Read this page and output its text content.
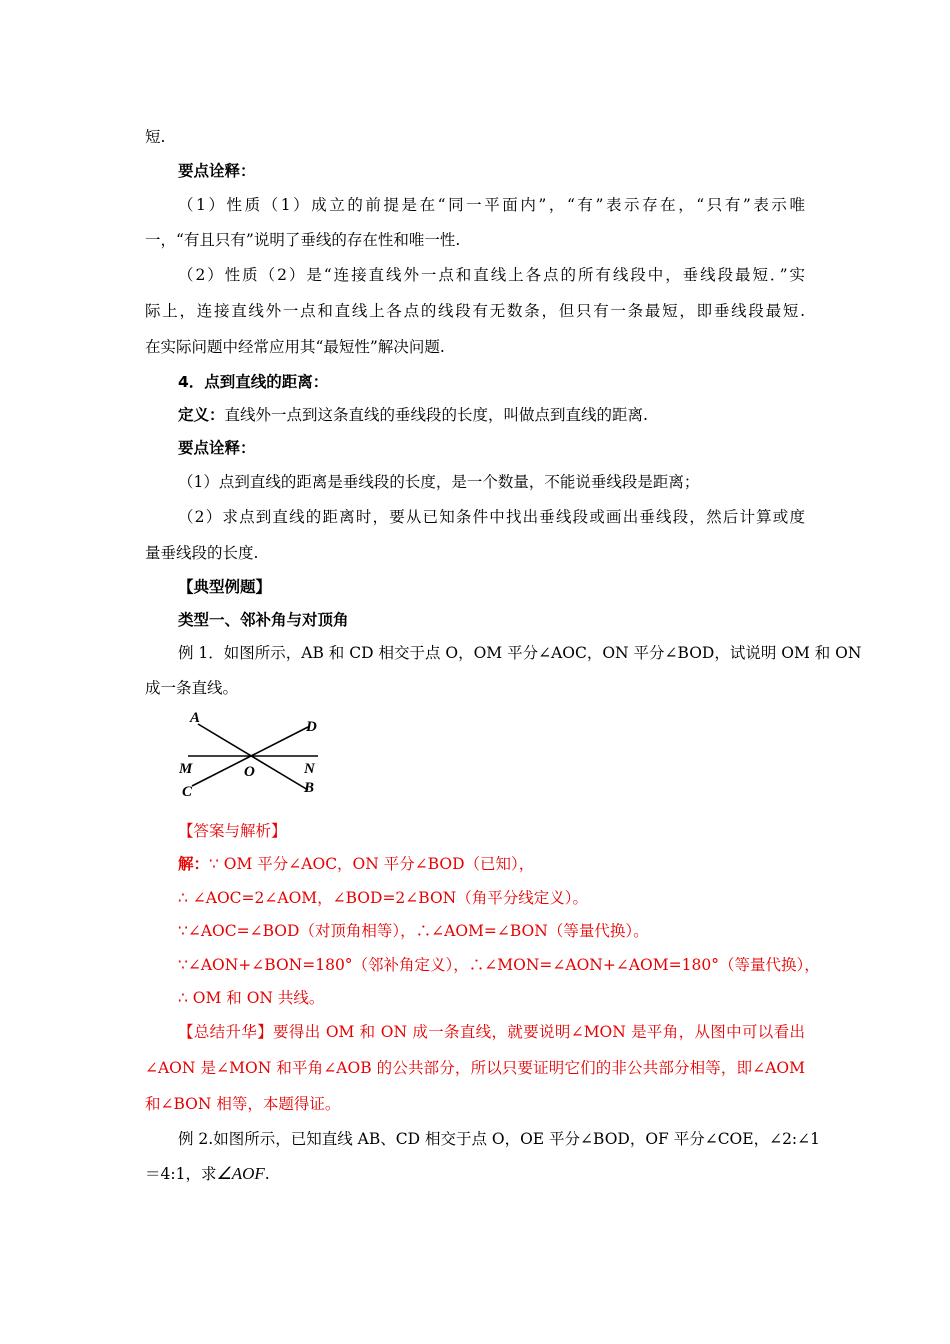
短.
要点诠释：
（1）性质（1）成立的前提是在“同一平面内”，“有”表示存在，“只有”表示唯
一，“有且只有”说明了垂线的存在性和唯一性.
（2）性质（2）是“连接直线外一点和直线上各点的所有线段中，垂线段最短．”实
际上，连接直线外一点和直线上各点的线段有无数条，但只有一条最短，即垂线段最短.
在实际问题中经常应用其“最短性”解决问题.
4．点到直线的距离：
定义：直线外一点到这条直线的垂线段的长度，叫做点到直线的距离.
要点诠释：
（1）点到直线的距离是垂线段的长度，是一个数量，不能说垂线段是距离；
（2）求点到直线的距离时，要从已知条件中找出垂线段或画出垂线段，然后计算或度
量垂线段的长度.
【典型例题】
类型一、邻补角与对顶角
例 1．如图所示，AB 和 CD 相交于点 O，OM 平分∠AOC，ON 平分∠BOD，试说明 OM 和 ON
成一条直线。
A
D
M	O	N
C	B
【答案与解析】
解：∵ OM 平分∠AOC，ON 平分∠BOD（已知），
∴ ∠AOC=2∠AOM，∠BOD=2∠BON（角平分线定义）。
∵∠AOC=∠BOD（对顶角相等），∴∠AOM=∠BON（等量代换）。
∵∠AON+∠BON=180°（邻补角定义），∴∠MON=∠AON+∠AOM=180°（等量代换），
∴ OM 和 ON 共线。
【总结升华】要得出 OM 和 ON 成一条直线，就要说明∠MON 是平角，从图中可以看出
∠AON 是∠MON 和平角∠AOB 的公共部分，所以只要证明它们的非公共部分相等，即∠AOM
和∠BON 相等，本题得证。
例 2.如图所示，已知直线 AB、CD 相交于点 O，OE 平分∠BOD，OF 平分∠COE，∠2:∠1
＝4:1，求∠AOF.
